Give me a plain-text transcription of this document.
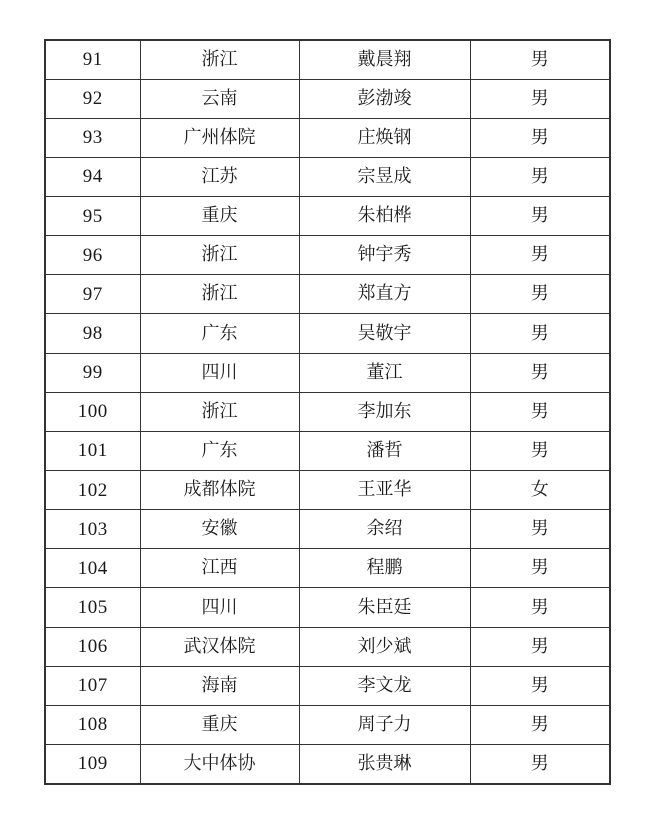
91	浙江	戴晨翔	男
92	云南	彭渤竣	男
93	广州体院	庄焕钢	男
94	江苏	宗昱成	男
95	重庆	朱柏桦	男
96	浙江	钟宇秀	男
97	浙江	郑直方	男
98	广东	吴敬宇	男
99	四川	董江	男
100	浙江	李加东	男
101	广东	潘哲	男
102	成都体院	王亚华	女
103	安徽	余绍	男
104	江西	程鹏	男
105	四川	朱臣廷	男
106	武汉体院	刘少斌	男
107	海南	李文龙	男
108	重庆	周子力	男
109	大中体协	张贵琳	男
